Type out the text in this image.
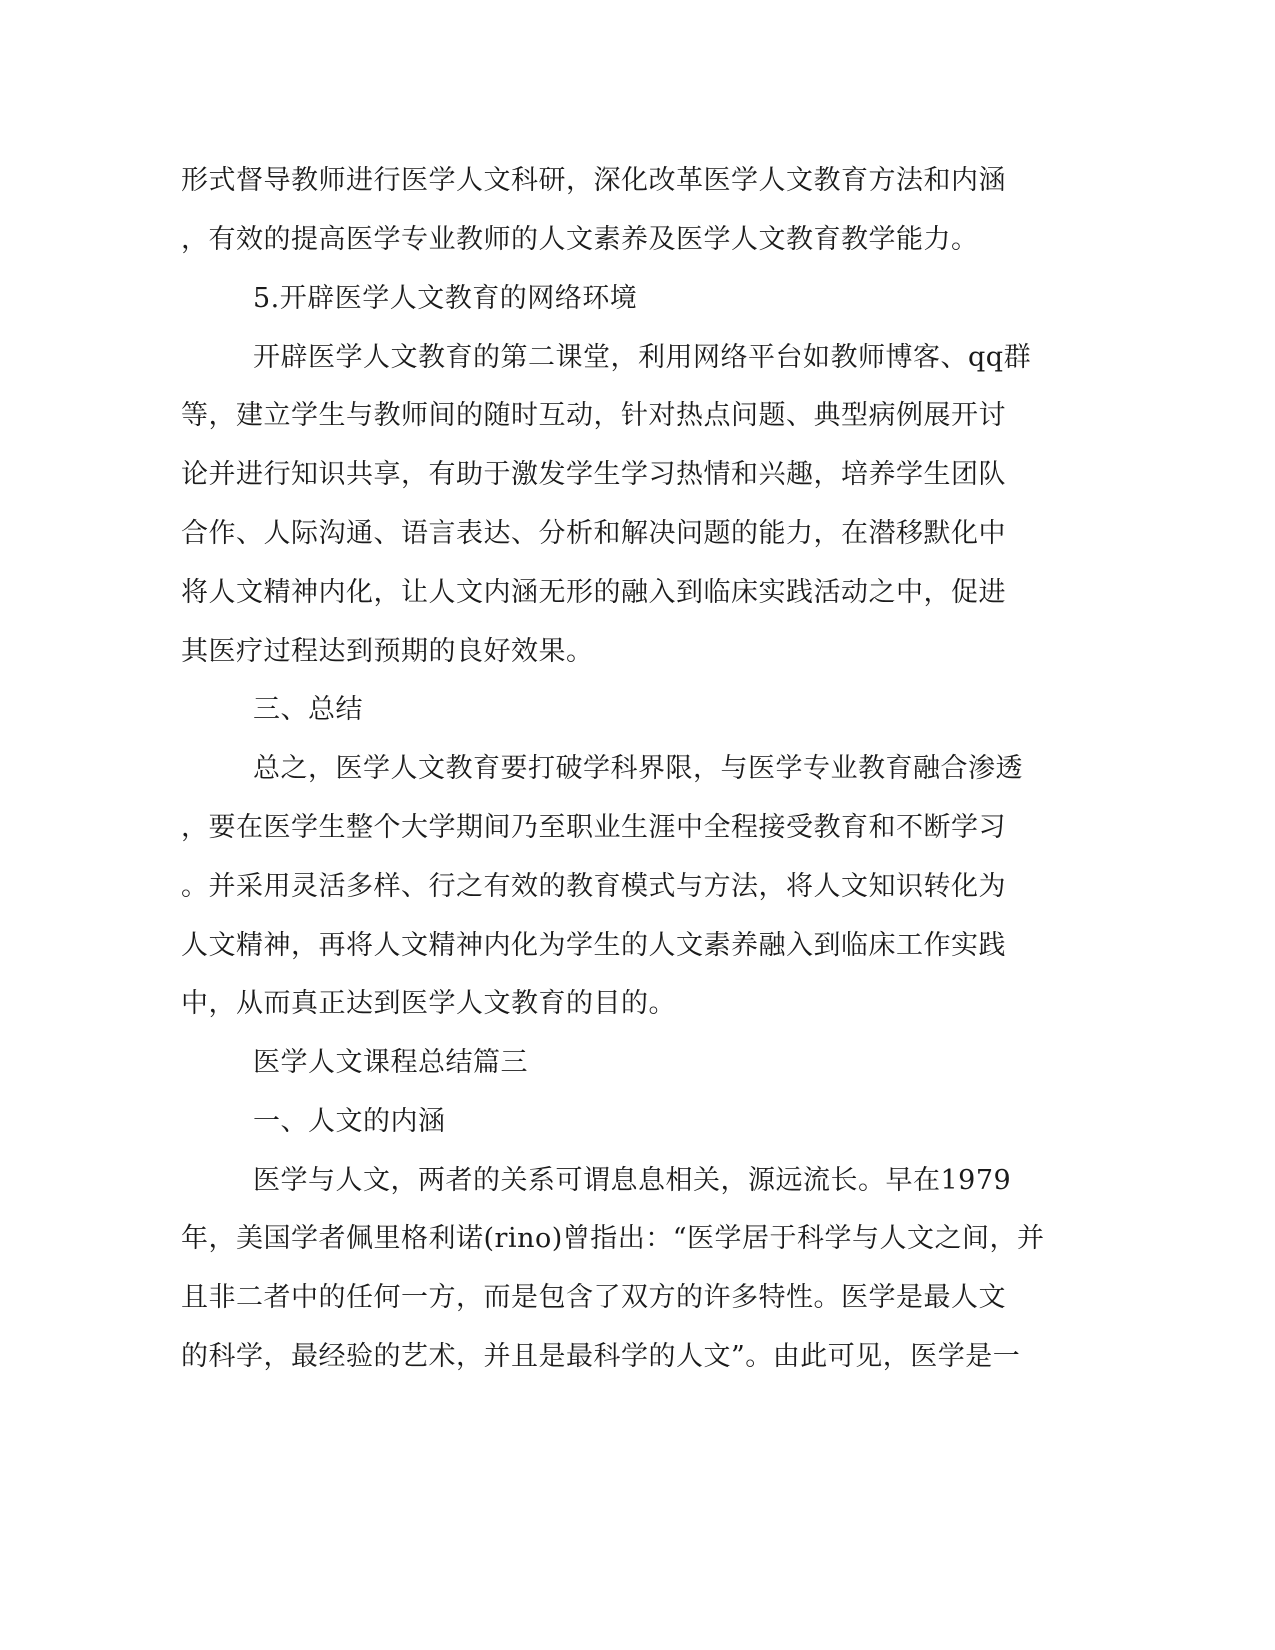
形式督导教师进行医学人文科研，深化改革医学人文教育方法和内涵
，有效的提高医学专业教师的人文素养及医学人文教育教学能力。
5.开辟医学人文教育的网络环境
开辟医学人文教育的第二课堂，利用网络平台如教师博客、qq群
等，建立学生与教师间的随时互动，针对热点问题、典型病例展开讨
论并进行知识共享，有助于激发学生学习热情和兴趣，培养学生团队
合作、人际沟通、语言表达、分析和解决问题的能力，在潜移默化中
将人文精神内化，让人文内涵无形的融入到临床实践活动之中，促进
其医疗过程达到预期的良好效果。
三、总结
总之，医学人文教育要打破学科界限，与医学专业教育融合渗透
，要在医学生整个大学期间乃至职业生涯中全程接受教育和不断学习
。并采用灵活多样、行之有效的教育模式与方法，将人文知识转化为
人文精神，再将人文精神内化为学生的人文素养融入到临床工作实践
中，从而真正达到医学人文教育的目的。
医学人文课程总结篇三
一、人文的内涵
医学与人文，两者的关系可谓息息相关，源远流长。早在1979
年，美国学者佩里格利诺(rino)曾指出：“医学居于科学与人文之间，并
且非二者中的任何一方，而是包含了双方的许多特性。医学是最人文
的科学，最经验的艺术，并且是最科学的人文”。由此可见，医学是一
